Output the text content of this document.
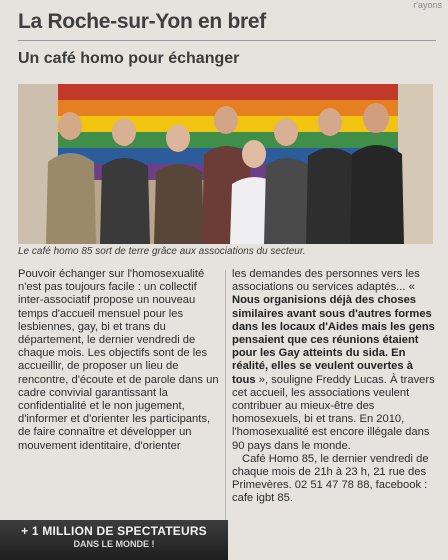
r'ayons
La Roche-sur-Yon en bref
Un café homo pour échanger
Le café homo 85 sort de terre grâce aux associations du secteur.

Pouvoir échanger sur l'homosexualité n'est pas toujours facile : un collectif inter-associatif propose un nouveau temps d'accueil mensuel pour les lesbiennes, gay, bi et trans du département, le dernier vendredi de chaque mois. Les objectifs sont de les accueillir, de proposer un lieu de rencontre, d'écoute et de parole dans un cadre convivial garantissant la confidentialité et le non jugement, d'informer et d'orienter les participants, de faire connaître et développer un mouvement identitaire, d'orienter

les demandes des personnes vers les associations ou services adaptés... « Nous organisions déjà des choses similaires avant sous d'autres formes dans les locaux d'Aides mais les gens pensaient que ces réunions étaient pour les Gay atteints du sida. En réalité, elles se veulent ouvertes à tous », souligne Freddy Lucas. À travers cet accueil, les associations veulent contribuer au mieux-être des homosexuels, bi et trans. En 2010, l'homosexualité est encore illégale dans 90 pays dans le monde.

Café Homo 85, le dernier vendredi de chaque mois de 21h à 23 h, 21 rue des Primevères. 02 51 47 78 88, facebook : cafe igbt 85.

+ 1 MILLION DE SPECTATEURS
DANS LE MONDE !
